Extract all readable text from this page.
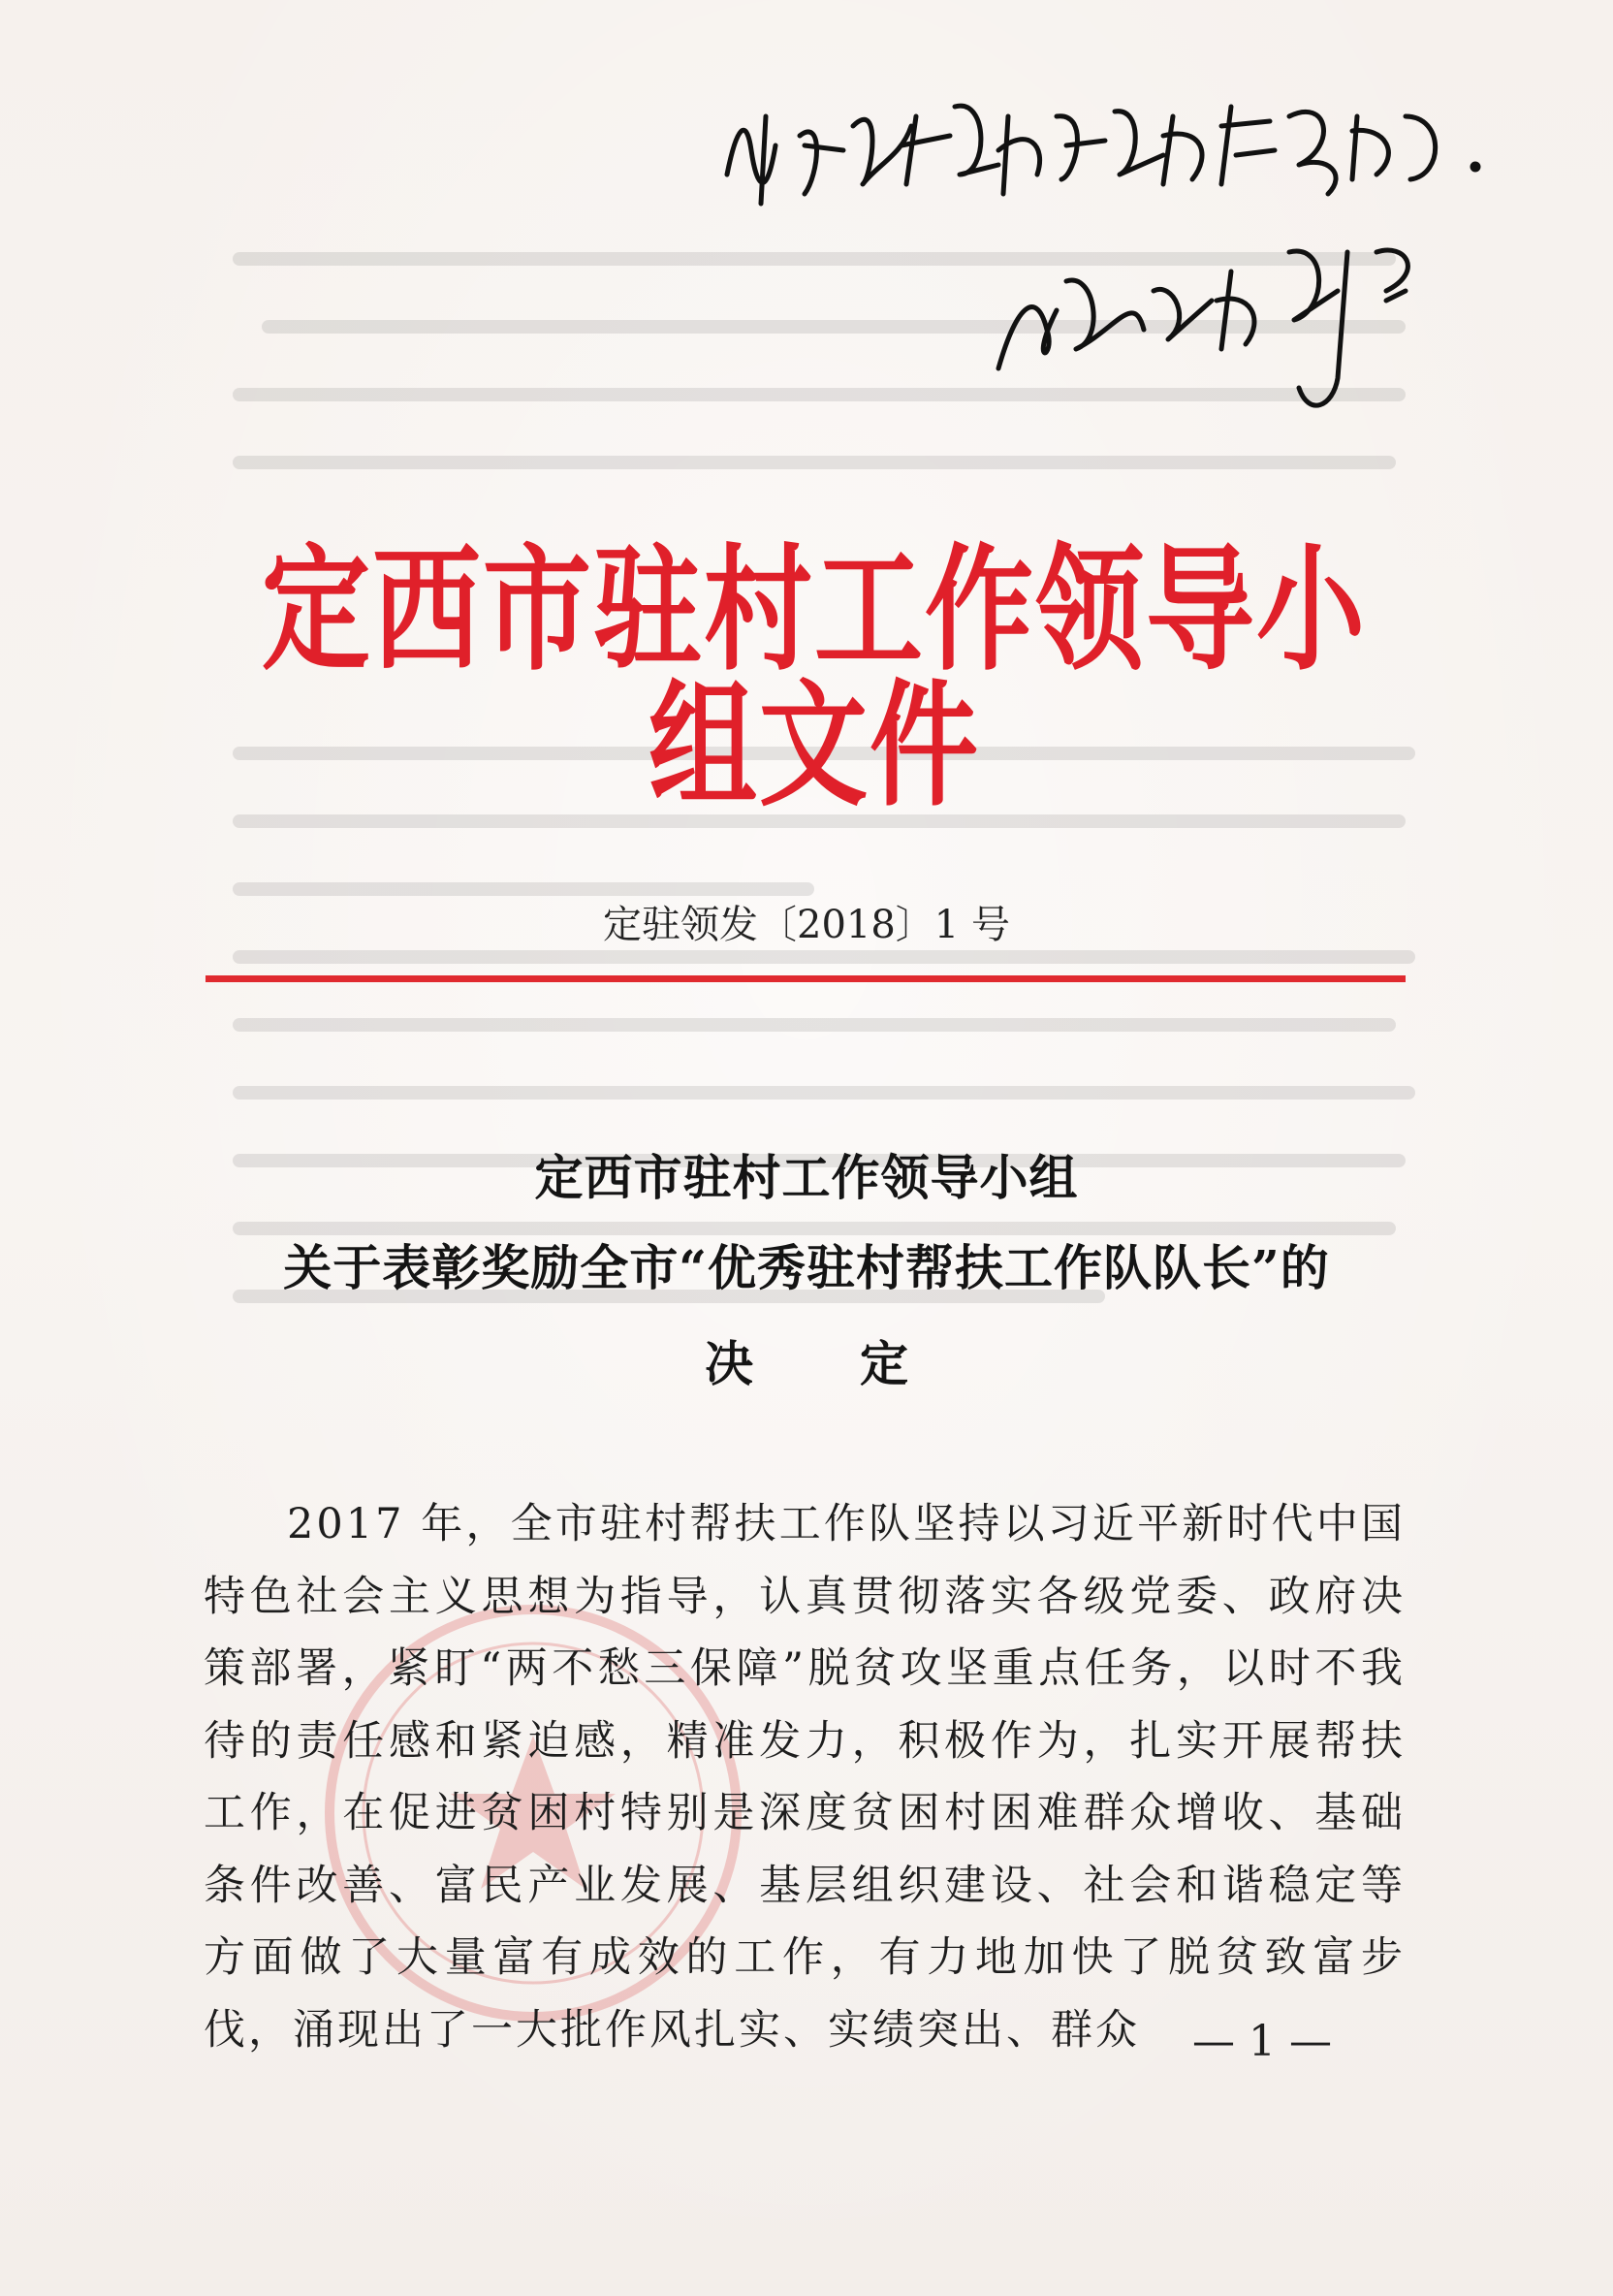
定西市驻村工作领导小组文件
定驻领发〔2018〕1 号
定西市驻村工作领导小组
关于表彰奖励全市“优秀驻村帮扶工作队队长”的
决定
2017 年，全市驻村帮扶工作队坚持以习近平新时代中国特色社会主义思想为指导，认真贯彻落实各级党委、政府决策部署，紧盯“两不愁三保障”脱贫攻坚重点任务，以时不我待的责任感和紧迫感，精准发力，积极作为，扎实开展帮扶工作，在促进贫困村特别是深度贫困村困难群众增收、基础条件改善、富民产业发展、基层组织建设、社会和谐稳定等方面做了大量富有成效的工作，有力地加快了脱贫致富步伐，涌现出了一大批作风扎实、实绩突出、群众	— 1 —
